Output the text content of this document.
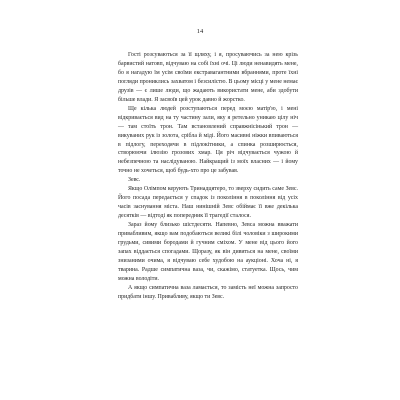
14

Гості розсуваються за її щляху, і я, просуваючись за нею крізь барвистий натовп, відчуваю на собі їхні очі. Ці люди ненавидять мене, бо я нагадую їм усім своїми екстравагантними вбраннями, проте їхні погляди прониклись захватом і безсилістю. В цьому місці у мене немає друзів — є лише люди, що жадають використати мене, аби здобути більше влади. Я засвоїв цей урок давно й жорстко.

Ще кілька людей розступаються перед моєю матір'ю, і мені відкривається вид на ту частину зали, яку я ретельно уникаю цілу ніч — там стоїть трон. Там встановлений справжнісінький трон — викуваних рук із золота, срібла й міді. Його масивні ніжки впиваються в підлогу, переходячи в підлокітники, а спинка розширюється, створюючи ілюзію грозових хмар. Ця річ відчувається чужою й небезпечною та наслідуваною. Найкращий із моїх власних — і йому точно не хочеться, щоб будь-хто про це забував.

Зевс.

Якщо Олімпом керують Тринадцятеро, то зверху сидить саме Зевс. Його посада передається у спадок із покоління в покоління від усіх часів заснування міста. Наш нинішній Зевс обіймає її вже декілька десятків — відтоді як попередник її трагедії сталося.

Зараз йому близько шістдесяти. Напевно, Зевса можна вважати привабливим, якщо вам подобаються великі білі чоловіки з широкими грудьми, сивими бородами й гучним сміхом. У мене від цього його запах віддається спогадами. Щоразу, як він дивиться на мене, своїми знизаними очима, я відчуваю себе худобою на аукціоні. Хоча ні, я тварина. Радше симпатична ваза, чи, скажімо, статуетка. Щось, чим можна володіти.

А якщо симпатична ваза ламається, то замість неї можна запросто придбати іншу. Привабливу, якщо ти Зевс.
